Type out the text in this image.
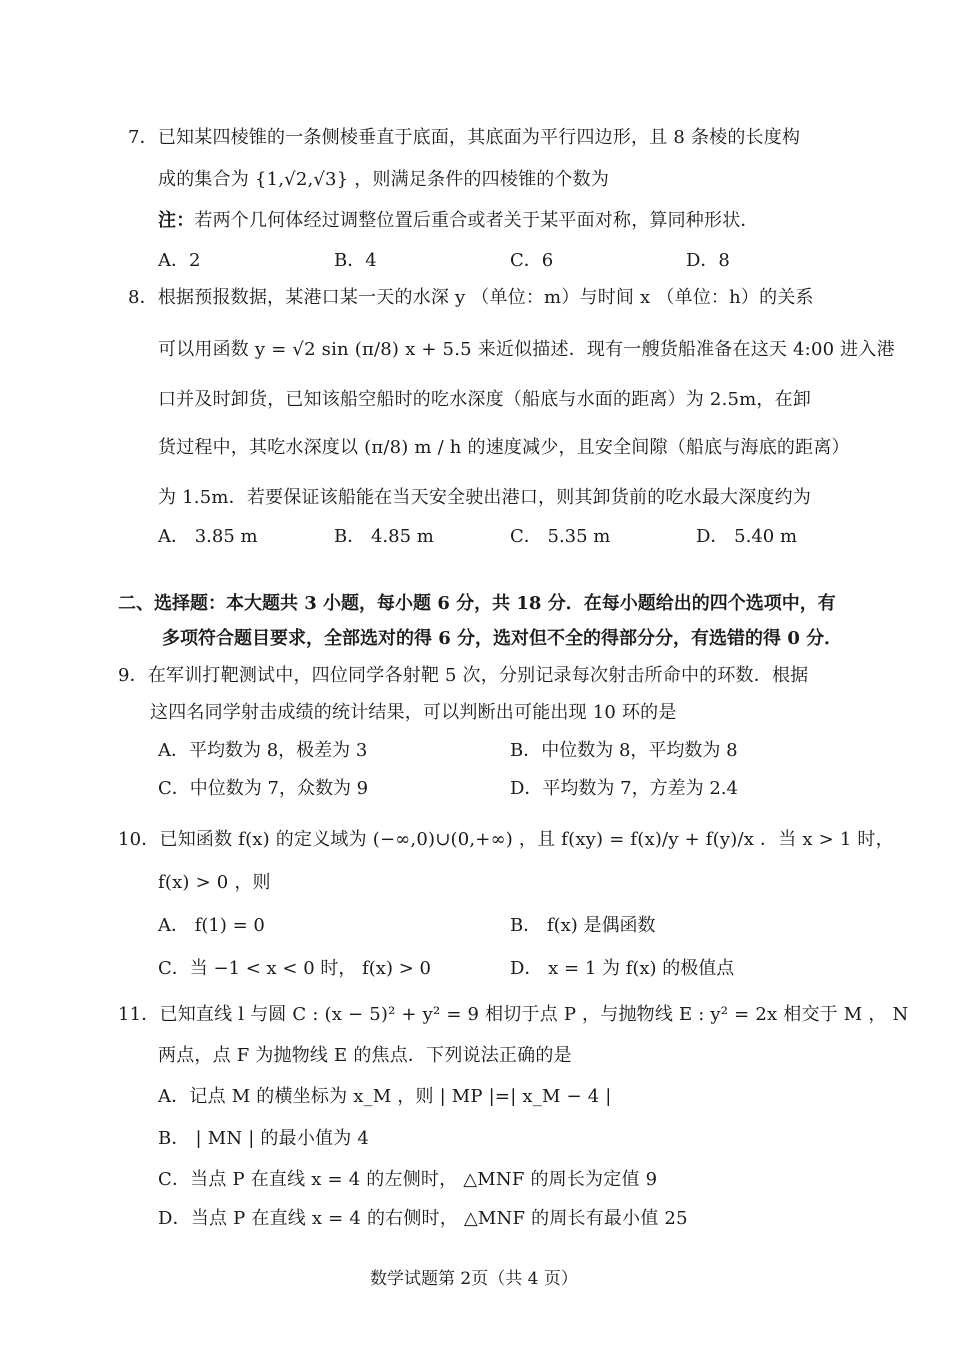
7．已知某四棱锥的一条侧棱垂直于底面，其底面为平行四边形，且 8 条棱的长度构
成的集合为 {1,√2,√3} ，则满足条件的四棱锥的个数为
注：若两个几何体经过调整位置后重合或者关于某平面对称，算同种形状．
A．2	B．4	C．6	D．8
8．根据预报数据，某港口某一天的水深 y （单位：m）与时间 x （单位：h）的关系
可以用函数 y = √2 sin (π/8) x + 5.5 来近似描述．现有一艘货船准备在这天 4:00 进入港
口并及时卸货，已知该船空船时的吃水深度（船底与水面的距离）为 2.5m，在卸
货过程中，其吃水深度以 (π/8) m / h 的速度减少，且安全间隙（船底与海底的距离）
为 1.5m．若要保证该船能在当天安全驶出港口，则其卸货前的吃水最大深度约为
A． 3.85 m	B． 4.85 m	C． 5.35 m	D． 5.40 m
二、选择题：本大题共 3 小题，每小题 6 分，共 18 分．在每小题给出的四个选项中，有
多项符合题目要求，全部选对的得 6 分，选对但不全的得部分分，有选错的得 0 分．
9．在军训打靶测试中，四位同学各射靶 5 次，分别记录每次射击所命中的环数．根据
这四名同学射击成绩的统计结果，可以判断出可能出现 10 环的是
A．平均数为 8，极差为 3	B．中位数为 8，平均数为 8
C．中位数为 7，众数为 9	D．平均数为 7，方差为 2.4
10．已知函数 f(x) 的定义域为 (−∞,0)∪(0,+∞) ，且 f(xy) = f(x)/y + f(y)/x ．当 x > 1 时，
f(x) > 0 ，则
A． f(1) = 0	B． f(x) 是偶函数
C．当 −1 < x < 0 时， f(x) > 0	D． x = 1 为 f(x) 的极值点
11．已知直线 l 与圆 C : (x − 5)² + y² = 9 相切于点 P ，与抛物线 E : y² = 2x 相交于 M ， N
两点，点 F 为抛物线 E 的焦点．下列说法正确的是
A．记点 M 的横坐标为 x_M ，则 | MP |=| x_M − 4 |
B． | MN | 的最小值为 4
C．当点 P 在直线 x = 4 的左侧时， △MNF 的周长为定值 9
D．当点 P 在直线 x = 4 的右侧时， △MNF 的周长有最小值 25
数学试题第 2页（共 4 页）
